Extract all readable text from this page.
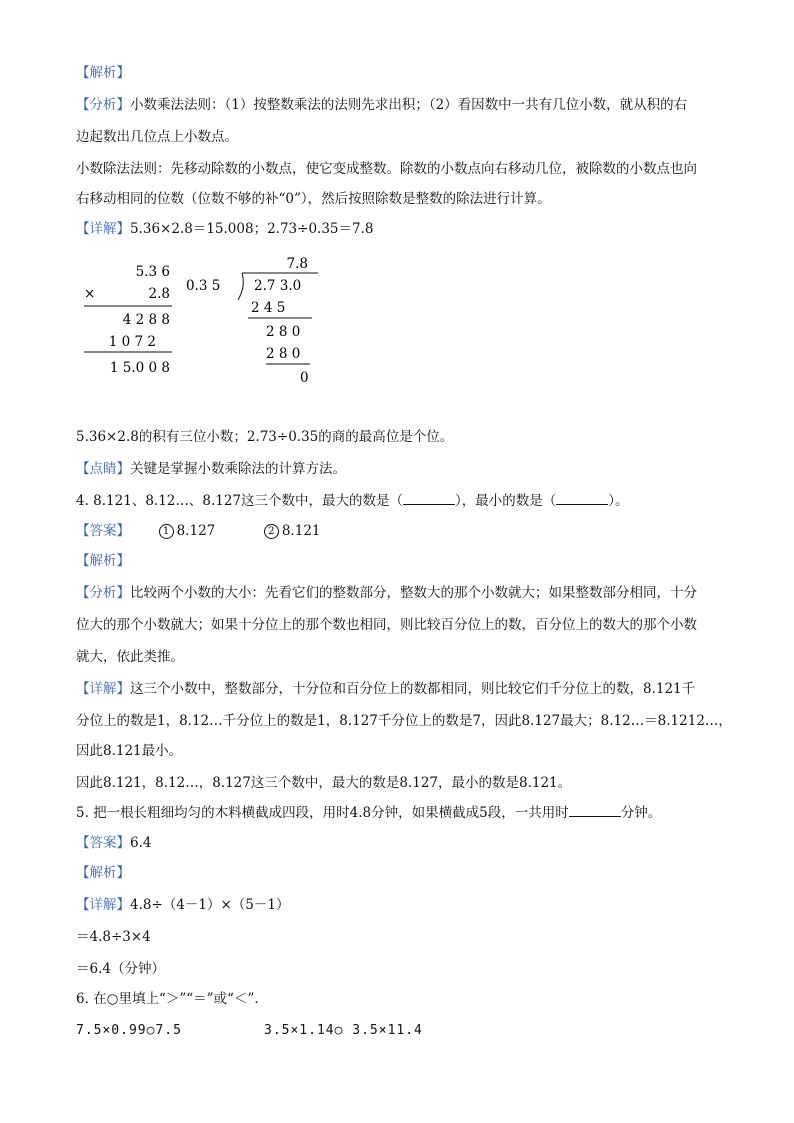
【解析】
【分析】小数乘法法则：（1）按整数乘法的法则先求出积；（2）看因数中一共有几位小数，就从积的右
边起数出几位点上小数点。
小数除法法则：先移动除数的小数点，使它变成整数。除数的小数点向右移动几位，被除数的小数点也向
右移动相同的位数（位数不够的补“0”），然后按照除数是整数的除法进行计算。
【详解】5.36×2.8＝15.008；2.73÷0.35＝7.8
5.3 6
×	2.8
4 2 8 8
1 0 7 2
1 5.0 0 8
7.8
0.3 5 2.7 3.0
2 4 5
2 8 0
2 8 0
0
5.36×2.8的积有三位小数；2.73÷0.35的商的最高位是个位。
【点睛】关键是掌握小数乘除法的计算方法。
4. 8.121、8.12…、8.127这三个数中，最大的数是（	），最小的数是（	）。
【答案】	1 8.127	2 8.121
【解析】
【分析】比较两个小数的大小：先看它们的整数部分，整数大的那个小数就大；如果整数部分相同，十分
位大的那个小数就大；如果十分位上的那个数也相同，则比较百分位上的数，百分位上的数大的那个小数
就大，依此类推。
【详解】这三个小数中，整数部分，十分位和百分位上的数都相同，则比较它们千分位上的数，8.121千
分位上的数是1，8.12…千分位上的数是1，8.127千分位上的数是7，因此8.127最大；8.12…＝8.1212…，
因此8.121最小。
因此8.121，8.12…，8.127这三个数中，最大的数是8.127，最小的数是8.121。
5. 把一根长粗细均匀的木料横截成四段，用时4.8分钟，如果横截成5段，一共用时	分钟。
【答案】6.4
【解析】
【详解】4.8÷（4－1）×（5－1）
＝4.8÷3×4
＝6.4（分钟）
6. 在○里填上“＞”“＝”或“＜”.
7.5×0.99○7.5	3.5×1.14○ 3.5×11.4
